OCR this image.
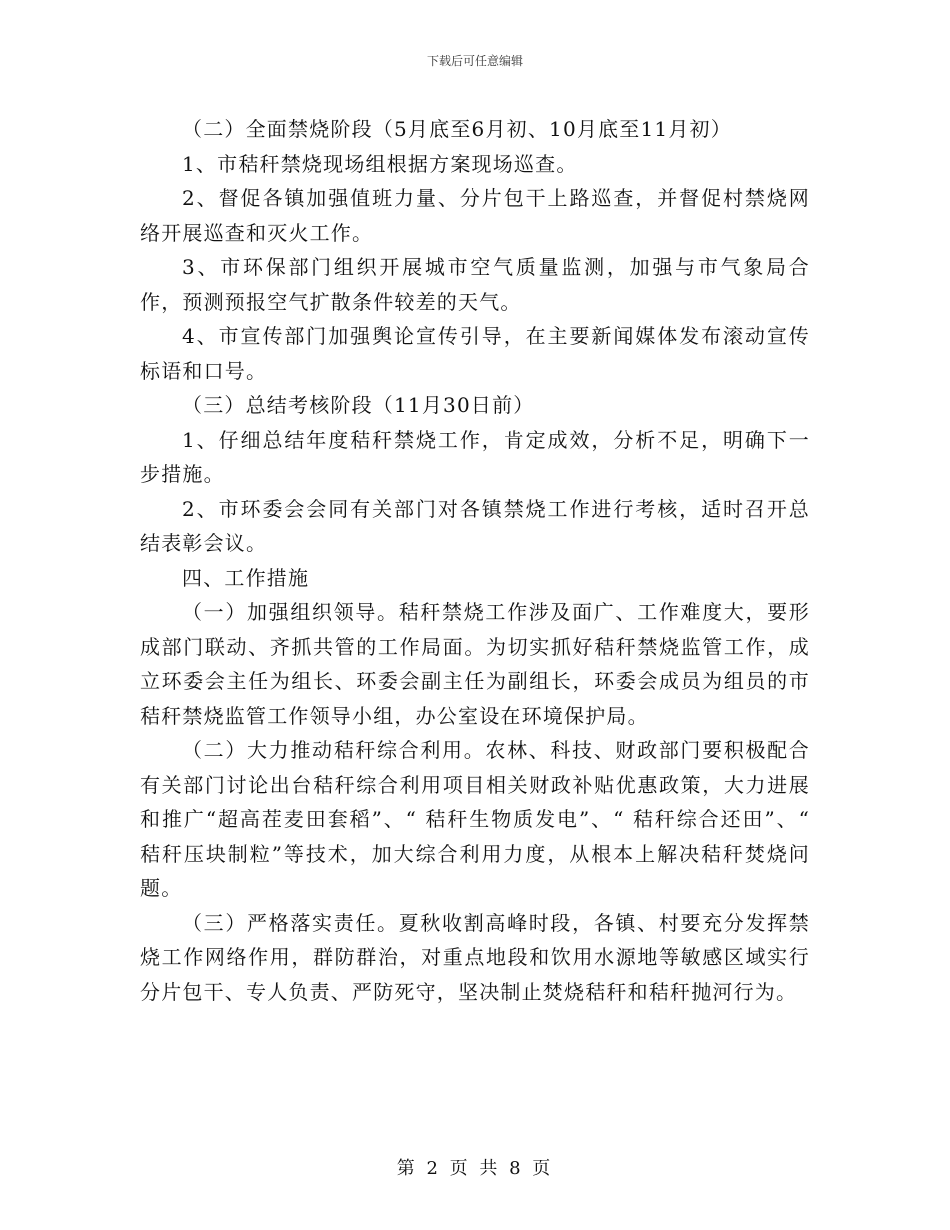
下载后可任意编辑

（二）全面禁烧阶段（5月底至6月初、10月底至11月初）

1、市秸秆禁烧现场组根据方案现场巡查。

2、督促各镇加强值班力量、分片包干上路巡查，并督促村禁烧网络开展巡查和灭火工作。

3、市环保部门组织开展城市空气质量监测，加强与市气象局合作，预测预报空气扩散条件较差的天气。

4、市宣传部门加强舆论宣传引导，在主要新闻媒体发布滚动宣传标语和口号。

（三）总结考核阶段（11月30日前）

1、仔细总结年度秸秆禁烧工作，肯定成效，分析不足，明确下一步措施。

2、市环委会会同有关部门对各镇禁烧工作进行考核，适时召开总结表彰会议。

四、工作措施

（一）加强组织领导。秸秆禁烧工作涉及面广、工作难度大，要形成部门联动、齐抓共管的工作局面。为切实抓好秸秆禁烧监管工作，成立环委会主任为组长、环委会副主任为副组长，环委会成员为组员的市秸秆禁烧监管工作领导小组，办公室设在环境保护局。

（二）大力推动秸秆综合利用。农林、科技、财政部门要积极配合有关部门讨论出台秸秆综合利用项目相关财政补贴优惠政策，大力进展和推广“超高茬麦田套稻”、“ 秸秆生物质发电”、“ 秸秆综合还田”、“ 秸秆压块制粒”等技术，加大综合利用力度，从根本上解决秸秆焚烧问题。

（三）严格落实责任。夏秋收割高峰时段，各镇、村要充分发挥禁烧工作网络作用，群防群治，对重点地段和饮用水源地等敏感区域实行分片包干、专人负责、严防死守，坚决制止焚烧秸秆和秸秆抛河行为。

第 2 页 共 8 页
